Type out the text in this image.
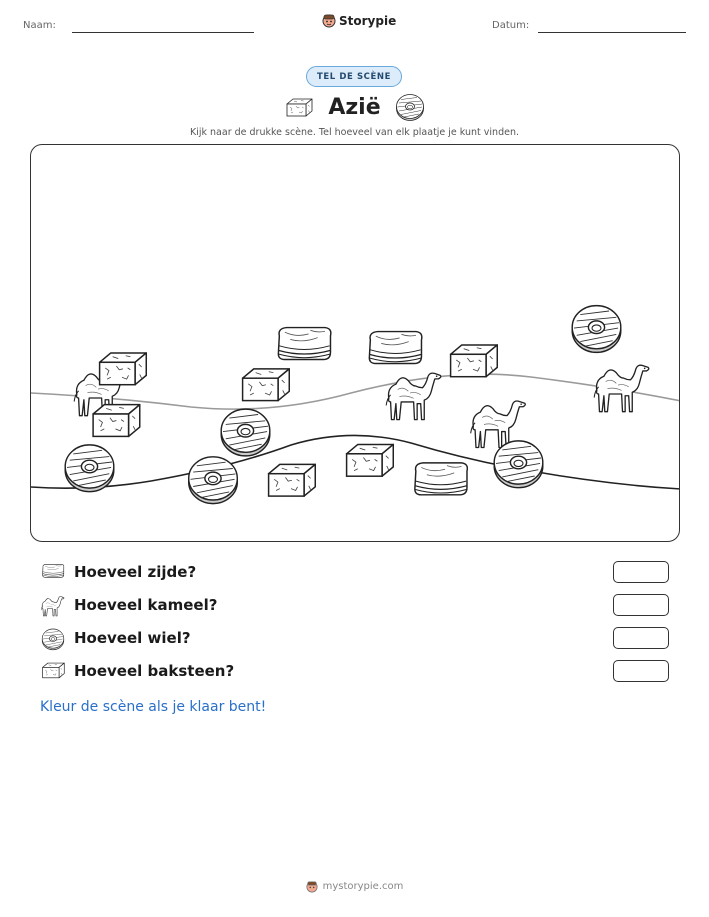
Naam:	Storypie	Datum:
TEL DE SCÈNE
Azië
Kijk naar de drukke scène. Tel hoeveel van elk plaatje je kunt vinden.
Hoeveel zijde?
Hoeveel kameel?
Hoeveel wiel?
Hoeveel baksteen?
Kleur de scène als je klaar bent!
mystorypie.com
